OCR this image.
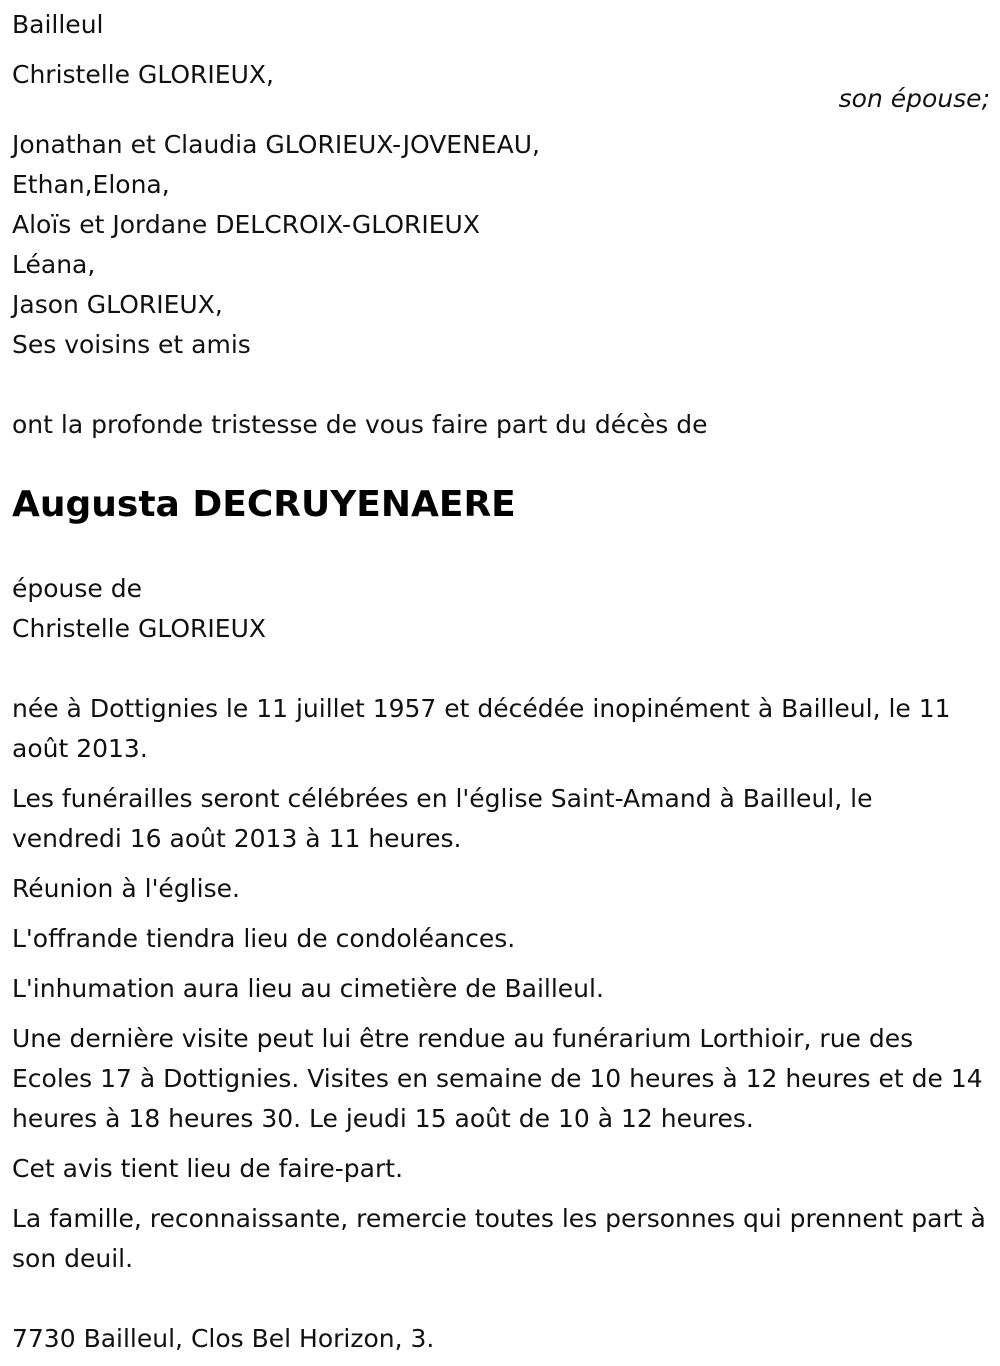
Bailleul

Christelle GLORIEUX,

son épouse;

Jonathan et Claudia GLORIEUX-JOVENEAU,

Ethan,Elona,

Aloïs et Jordane DELCROIX-GLORIEUX

Léana,

Jason GLORIEUX,

Ses voisins et amis

ont la profonde tristesse de vous faire part du décès de

Augusta DECRUYENAERE

épouse de

Christelle GLORIEUX

née à Dottignies le 11 juillet 1957 et décédée inopinément à Bailleul, le 11 août 2013.

Les funérailles seront célébrées en l'église Saint-Amand à Bailleul, le vendredi 16 août 2013 à 11 heures.

Réunion à l'église.

L'offrande tiendra lieu de condoléances.

L'inhumation aura lieu au cimetière de Bailleul.

Une dernière visite peut lui être rendue au funérarium Lorthioir, rue des Ecoles 17 à Dottignies. Visites en semaine de 10 heures à 12 heures et de 14 heures à 18 heures 30. Le jeudi 15 août de 10 à 12 heures.

Cet avis tient lieu de faire-part.

La famille, reconnaissante, remercie toutes les personnes qui prennent part à son deuil.

7730 Bailleul, Clos Bel Horizon, 3.
